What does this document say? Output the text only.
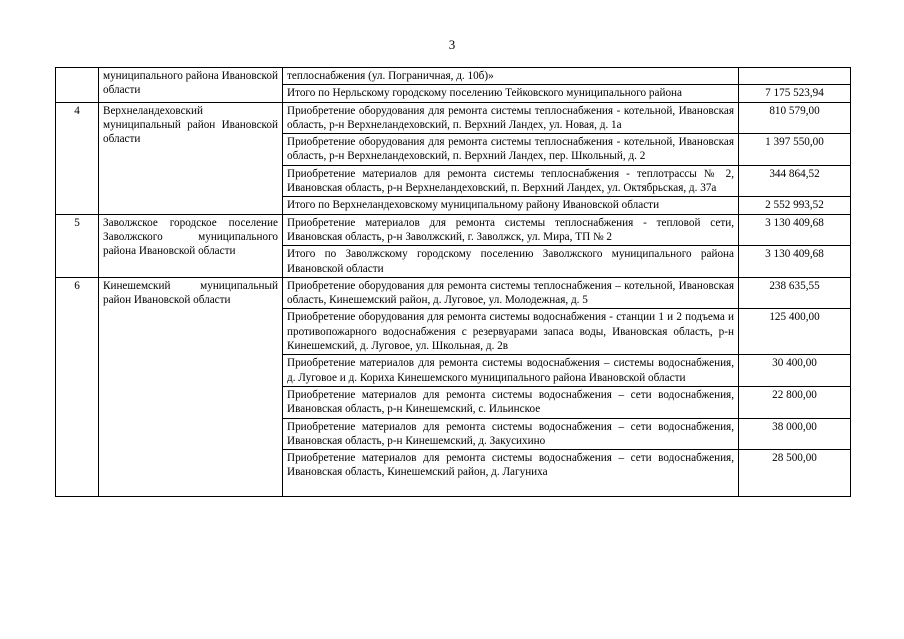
3
	муниципального района Ивановской области	теплоснабжения (ул. Пограничная, д. 10б)»	
		Итого по Нерльскому городскому поселению Тейковского муниципального района	7 175 523,94
4	Верхнеландеховский муниципальный район Ивановской области	Приобретение оборудования для ремонта системы теплоснабжения - котельной, Ивановская область, р-н Верхнеландеховский, п. Верхний Ландех, ул. Новая, д. 1а	810 579,00
		Приобретение оборудования для ремонта системы теплоснабжения - котельной, Ивановская область, р-н Верхнеландеховский, п. Верхний Ландех, пер. Школьный, д. 2	1 397 550,00
		Приобретение материалов для ремонта системы теплоснабжения - теплотрассы № 2, Ивановская область, р-н Верхнеландеховский, п. Верхний Ландех, ул. Октябрьская, д. 37а	344 864,52
		Итого по Верхнеландеховскому муниципальному району Ивановской области	2 552 993,52
5	Заволжское городское поселение Заволжского муниципального района Ивановской области	Приобретение материалов для ремонта системы теплоснабжения - тепловой сети, Ивановская область, р-н Заволжский, г. Заволжск, ул. Мира, ТП № 2	3 130 409,68
		Итого по Заволжскому городскому поселению Заволжского муниципального района Ивановской области	3 130 409,68
6	Кинешемский муниципальный район Ивановской области	Приобретение оборудования для ремонта системы теплоснабжения – котельной, Ивановская область, Кинешемский район, д. Луговое, ул. Молодежная, д. 5	238 635,55
		Приобретение оборудования для ремонта системы водоснабжения - станции 1 и 2 подъема и противопожарного водоснабжения с резервуарами запаса воды, Ивановская область, р-н Кинешемский, д. Луговое, ул. Школьная, д. 2в	125 400,00
		Приобретение материалов для ремонта системы водоснабжения – системы водоснабжения, д. Луговое и д. Кориха Кинешемского муниципального района Ивановской области	30 400,00
		Приобретение материалов для ремонта системы водоснабжения – сети водоснабжения, Ивановская область, р-н Кинешемский, с. Ильинское	22 800,00
		Приобретение материалов для ремонта системы водоснабжения – сети водоснабжения, Ивановская область, р-н Кинешемский, д. Закусихино	38 000,00
		Приобретение материалов для ремонта системы водоснабжения – сети водоснабжения, Ивановская область, Кинешемский район, д. Лагуниха	28 500,00
